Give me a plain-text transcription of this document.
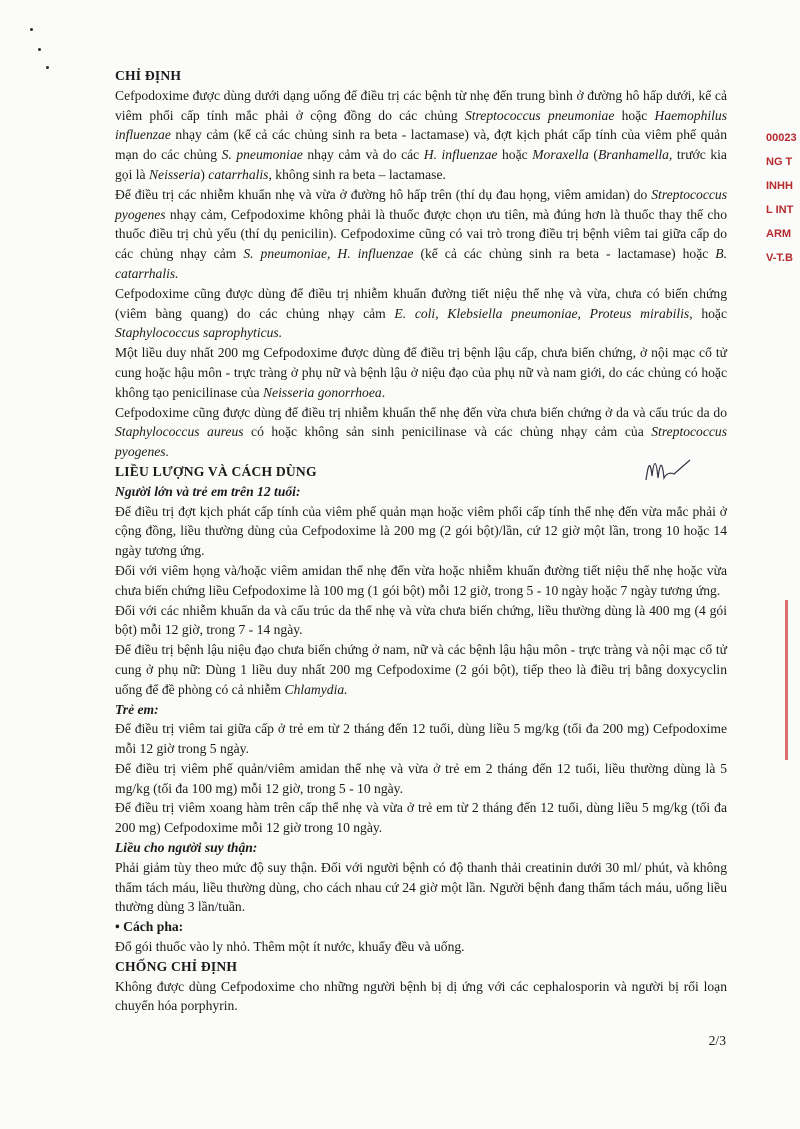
CHỈ ĐỊNH

Cefpodoxime được dùng dưới dạng uống để điều trị các bệnh từ nhẹ đến trung bình ở đường hô hấp dưới, kể cả viêm phổi cấp tính mắc phải ở cộng đồng do các chủng Streptococcus pneumoniae hoặc Haemophilus influenzae nhạy cảm (kể cả các chủng sinh ra beta - lactamase) và, đợt kịch phát cấp tính của viêm phế quản mạn do các chủng S. pneumoniae nhạy cảm và do các H. influenzae hoặc Moraxella (Branhamella, trước kia gọi là Neisseria) catarrhalis, không sinh ra beta – lactamase.

Để điều trị các nhiễm khuẩn nhẹ và vừa ở đường hô hấp trên (thí dụ đau họng, viêm amidan) do Streptococcus pyogenes nhạy cảm, Cefpodoxime không phải là thuốc được chọn ưu tiên, mà đúng hơn là thuốc thay thế cho thuốc điều trị chủ yếu (thí dụ penicilin). Cefpodoxime cũng có vai trò trong điều trị bệnh viêm tai giữa cấp do các chủng nhạy cảm S. pneumoniae, H. influenzae (kể cả các chủng sinh ra beta - lactamase) hoặc B. catarrhalis.

Cefpodoxime cũng được dùng để điều trị nhiễm khuẩn đường tiết niệu thể nhẹ và vừa, chưa có biến chứng (viêm bàng quang) do các chủng nhạy cảm E. coli, Klebsiella pneumoniae, Proteus mirabilis, hoặc Staphylococcus saprophyticus.

Một liều duy nhất 200 mg Cefpodoxime được dùng để điều trị bệnh lậu cấp, chưa biến chứng, ở nội mạc cổ tử cung hoặc hậu môn - trực tràng ở phụ nữ và bệnh lậu ở niệu đạo của phụ nữ và nam giới, do các chủng có hoặc không tạo penicilinase của Neisseria gonorrhoea.

Cefpodoxime cũng được dùng để điều trị nhiễm khuẩn thể nhẹ đến vừa chưa biến chứng ở da và cấu trúc da do Staphylococcus aureus có hoặc không sản sinh penicilinase và các chủng nhạy cảm của Streptococcus pyogenes.

LIỀU LƯỢNG VÀ CÁCH DÙNG

Người lớn và trẻ em trên 12 tuổi:

Để điều trị đợt kịch phát cấp tính của viêm phế quản mạn hoặc viêm phổi cấp tính thể nhẹ đến vừa mắc phải ở cộng đồng, liều thường dùng của Cefpodoxime là 200 mg (2 gói bột)/lần, cứ 12 giờ một lần, trong 10 hoặc 14 ngày tương ứng.

Đối với viêm họng và/hoặc viêm amidan thể nhẹ đến vừa hoặc nhiễm khuẩn đường tiết niệu thể nhẹ hoặc vừa chưa biến chứng liều Cefpodoxime là 100 mg (1 gói bột) mỗi 12 giờ, trong 5 - 10 ngày hoặc 7 ngày tương ứng.

Đối với các nhiễm khuẩn da và cấu trúc da thể nhẹ và vừa chưa biến chứng, liều thường dùng là 400 mg (4 gói bột) mỗi 12 giờ, trong 7 - 14 ngày.

Để điều trị bệnh lậu niệu đạo chưa biến chứng ở nam, nữ và các bệnh lậu hậu môn - trực tràng và nội mạc cổ tử cung ở phụ nữ: Dùng 1 liều duy nhất 200 mg Cefpodoxime (2 gói bột), tiếp theo là điều trị bằng doxycyclin uống để đề phòng có cả nhiễm Chlamydia.

Trẻ em:

Để điều trị viêm tai giữa cấp ở trẻ em từ 2 tháng đến 12 tuổi, dùng liều 5 mg/kg (tối đa 200 mg) Cefpodoxime mỗi 12 giờ trong 5 ngày.

Để điều trị viêm phế quản/viêm amidan thể nhẹ và vừa ở trẻ em 2 tháng đến 12 tuổi, liều thường dùng là 5 mg/kg (tối đa 100 mg) mỗi 12 giờ, trong 5 - 10 ngày.

Để điều trị viêm xoang hàm trên cấp thể nhẹ và vừa ở trẻ em từ 2 tháng đến 12 tuổi, dùng liều 5 mg/kg (tối đa 200 mg) Cefpodoxime mỗi 12 giờ trong 10 ngày.

Liều cho người suy thận:

Phải giảm tùy theo mức độ suy thận. Đối với người bệnh có độ thanh thải creatinin dưới 30 ml/ phút, và không thẩm tách máu, liều thường dùng, cho cách nhau cứ 24 giờ một lần. Người bệnh đang thẩm tách máu, uống liều thường dùng 3 lần/tuần.

• Cách pha:

Đổ gói thuốc vào ly nhỏ. Thêm một ít nước, khuấy đều và uống.

CHỐNG CHỈ ĐỊNH

Không được dùng Cefpodoxime cho những người bệnh bị dị ứng với các cephalosporin và người bị rối loạn chuyển hóa porphyrin.

00023
NG T
INHH
L INT
ARM
V-T.B
2/3
